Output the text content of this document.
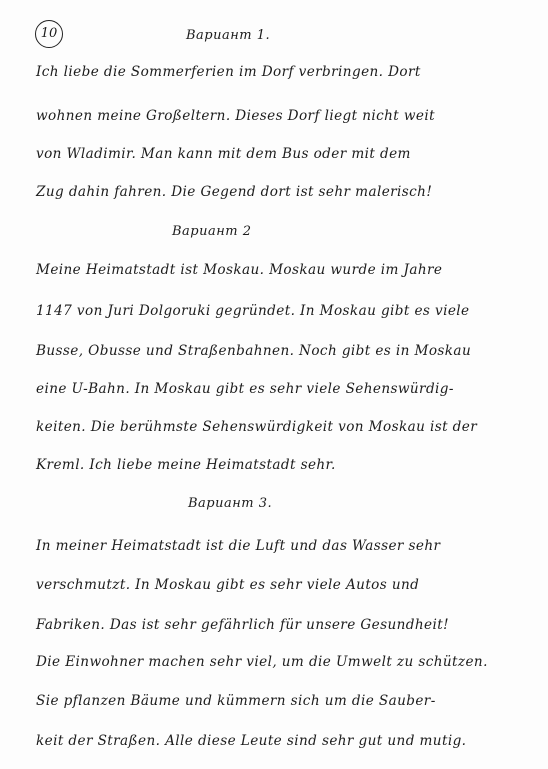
10	Вариант 1.
Ich liebe die Sommerferien im Dorf verbringen. Dort
wohnen meine Großeltern. Dieses Dorf liegt nicht weit
von Wladimir. Man kann mit dem Bus oder mit dem
Zug dahin fahren. Die Gegend dort ist sehr malerisch!
Вариант 2
Meine Heimatstadt ist Moskau. Moskau wurde im Jahre
1147 von Juri Dolgoruki gegründet. In Moskau gibt es viele
Busse, Obusse und Straßenbahnen. Noch gibt es in Moskau
eine U-Bahn. In Moskau gibt es sehr viele Sehenswürdig-
keiten. Die berühmste Sehenswürdigkeit von Moskau ist der
Kreml. Ich liebe meine Heimatstadt sehr.
Вариант 3.
In meiner Heimatstadt ist die Luft und das Wasser sehr
verschmutzt. In Moskau gibt es sehr viele Autos und
Fabriken. Das ist sehr gefährlich für unsere Gesundheit!
Die Einwohner machen sehr viel, um die Umwelt zu schützen.
Sie pflanzen Bäume und kümmern sich um die Sauber-
keit der Straßen. Alle diese Leute sind sehr gut und mutig.
